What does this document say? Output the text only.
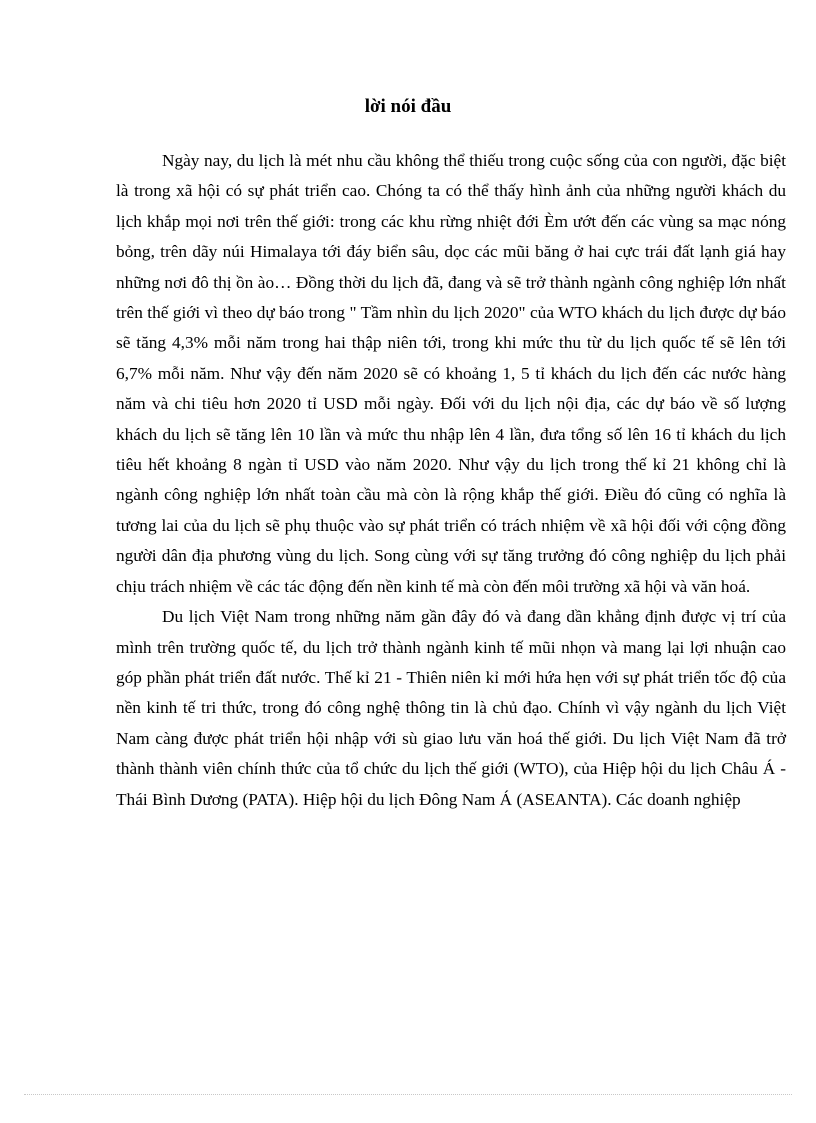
lời nói đầu

Ngày nay, du lịch là mét nhu cầu không thể thiếu trong cuộc sống của con người, đặc biệt là trong xã hội có sự phát triển cao. Chóng ta có thể thấy hình ảnh của những người khách du lịch khắp mọi nơi trên thế giới: trong các khu rừng nhiệt đới Èm ướt đến các vùng sa mạc nóng bỏng, trên dãy núi Himalaya tới đáy biển sâu, dọc các mũi băng ở hai cực trái đất lạnh giá hay những nơi đô thị ồn ào… Đồng thời du lịch đã, đang và sẽ trở thành ngành công nghiệp lớn nhất trên thế giới vì theo dự báo trong " Tầm nhìn du lịch 2020" của WTO khách du lịch được dự báo sẽ tăng 4,3% mỗi năm trong hai thập niên tới, trong khi mức thu từ du lịch quốc tế sẽ lên tới 6,7% mỗi năm. Như vậy đến năm 2020 sẽ có khoảng 1, 5 tỉ khách du lịch đến các nước hàng năm và chi tiêu hơn 2020 tỉ USD mỗi ngày. Đối với du lịch nội địa, các dự báo về số lượng khách du lịch sẽ tăng lên 10 lần và mức thu nhập lên 4 lần, đưa tổng số lên 16 tỉ khách du lịch tiêu hết khoảng 8 ngàn tỉ USD vào năm 2020. Như vậy du lịch trong thế kỉ 21 không chỉ là ngành công nghiệp lớn nhất toàn cầu mà còn là rộng khắp thế giới. Điều đó cũng có nghĩa là tương lai của du lịch sẽ phụ thuộc vào sự phát triển có trách nhiệm về xã hội đối với cộng đồng người dân địa phương vùng du lịch. Song cùng với sự tăng trưởng đó công nghiệp du lịch phải chịu trách nhiệm về các tác động đến nền kinh tế mà còn đến môi trường xã hội và văn hoá.

Du lịch Việt Nam trong những năm gần đây đó và đang dần khẳng định được vị trí của mình trên trường quốc tế, du lịch trở thành ngành kinh tế mũi nhọn và mang lại lợi nhuận cao góp phần phát triển đất nước. Thế kỉ 21 - Thiên niên kỉ mới hứa hẹn với sự phát triển tốc độ của nền kinh tế tri thức, trong đó công nghệ thông tin là chủ đạo. Chính vì vậy ngành du lịch Việt Nam càng được phát triển hội nhập với sù giao lưu văn hoá thế giới. Du lịch Việt Nam đã trở thành thành viên chính thức của tổ chức du lịch thế giới (WTO), của Hiệp hội du lịch Châu Á - Thái Bình Dương (PATA). Hiệp hội du lịch Đông Nam Á (ASEANTA). Các doanh nghiệp
